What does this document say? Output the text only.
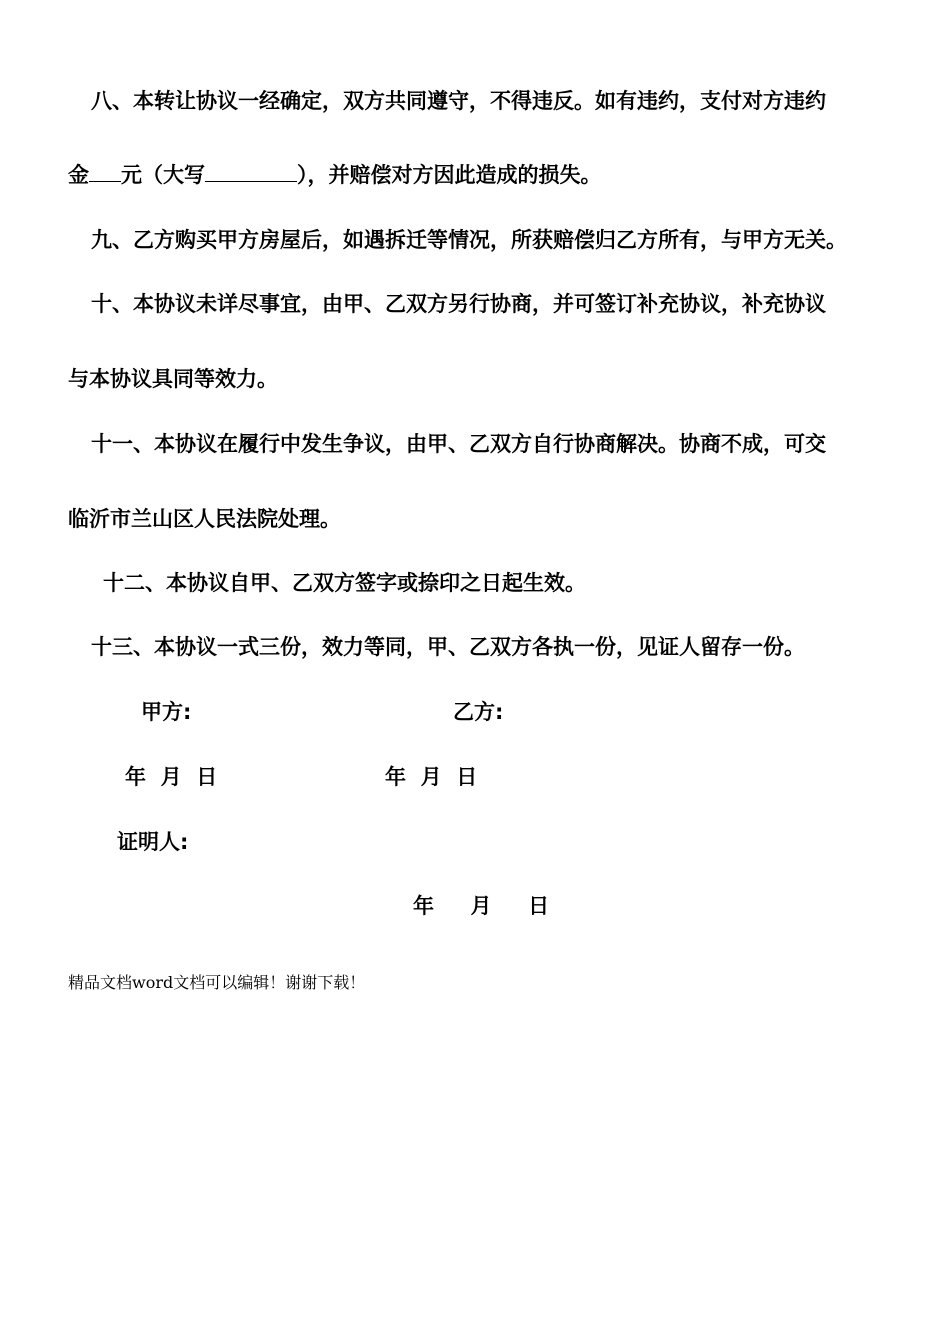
八、本转让协议一经确定，双方共同遵守，不得违反。如有违约，支付对方违约
金 元（大写	），并赔偿对方因此造成的损失。
九、乙方购买甲方房屋后，如遇拆迁等情况，所获赔偿归乙方所有，与甲方无关。
十、本协议未详尽事宜，由甲、乙双方另行协商，并可签订补充协议，补充协议
与本协议具同等效力。
十一、本协议在履行中发生争议，由甲、乙双方自行协商解决。协商不成，可交
临沂市兰山区人民法院处理。
十二、本协议自甲、乙双方签字或捺印之日起生效。
十三、本协议一式三份，效力等同，甲、乙双方各执一份，见证人留存一份。
甲方:	乙方:
年  月  日	年  月  日
证明人:
年     月     日
精品文档word文档可以编辑！谢谢下载！
